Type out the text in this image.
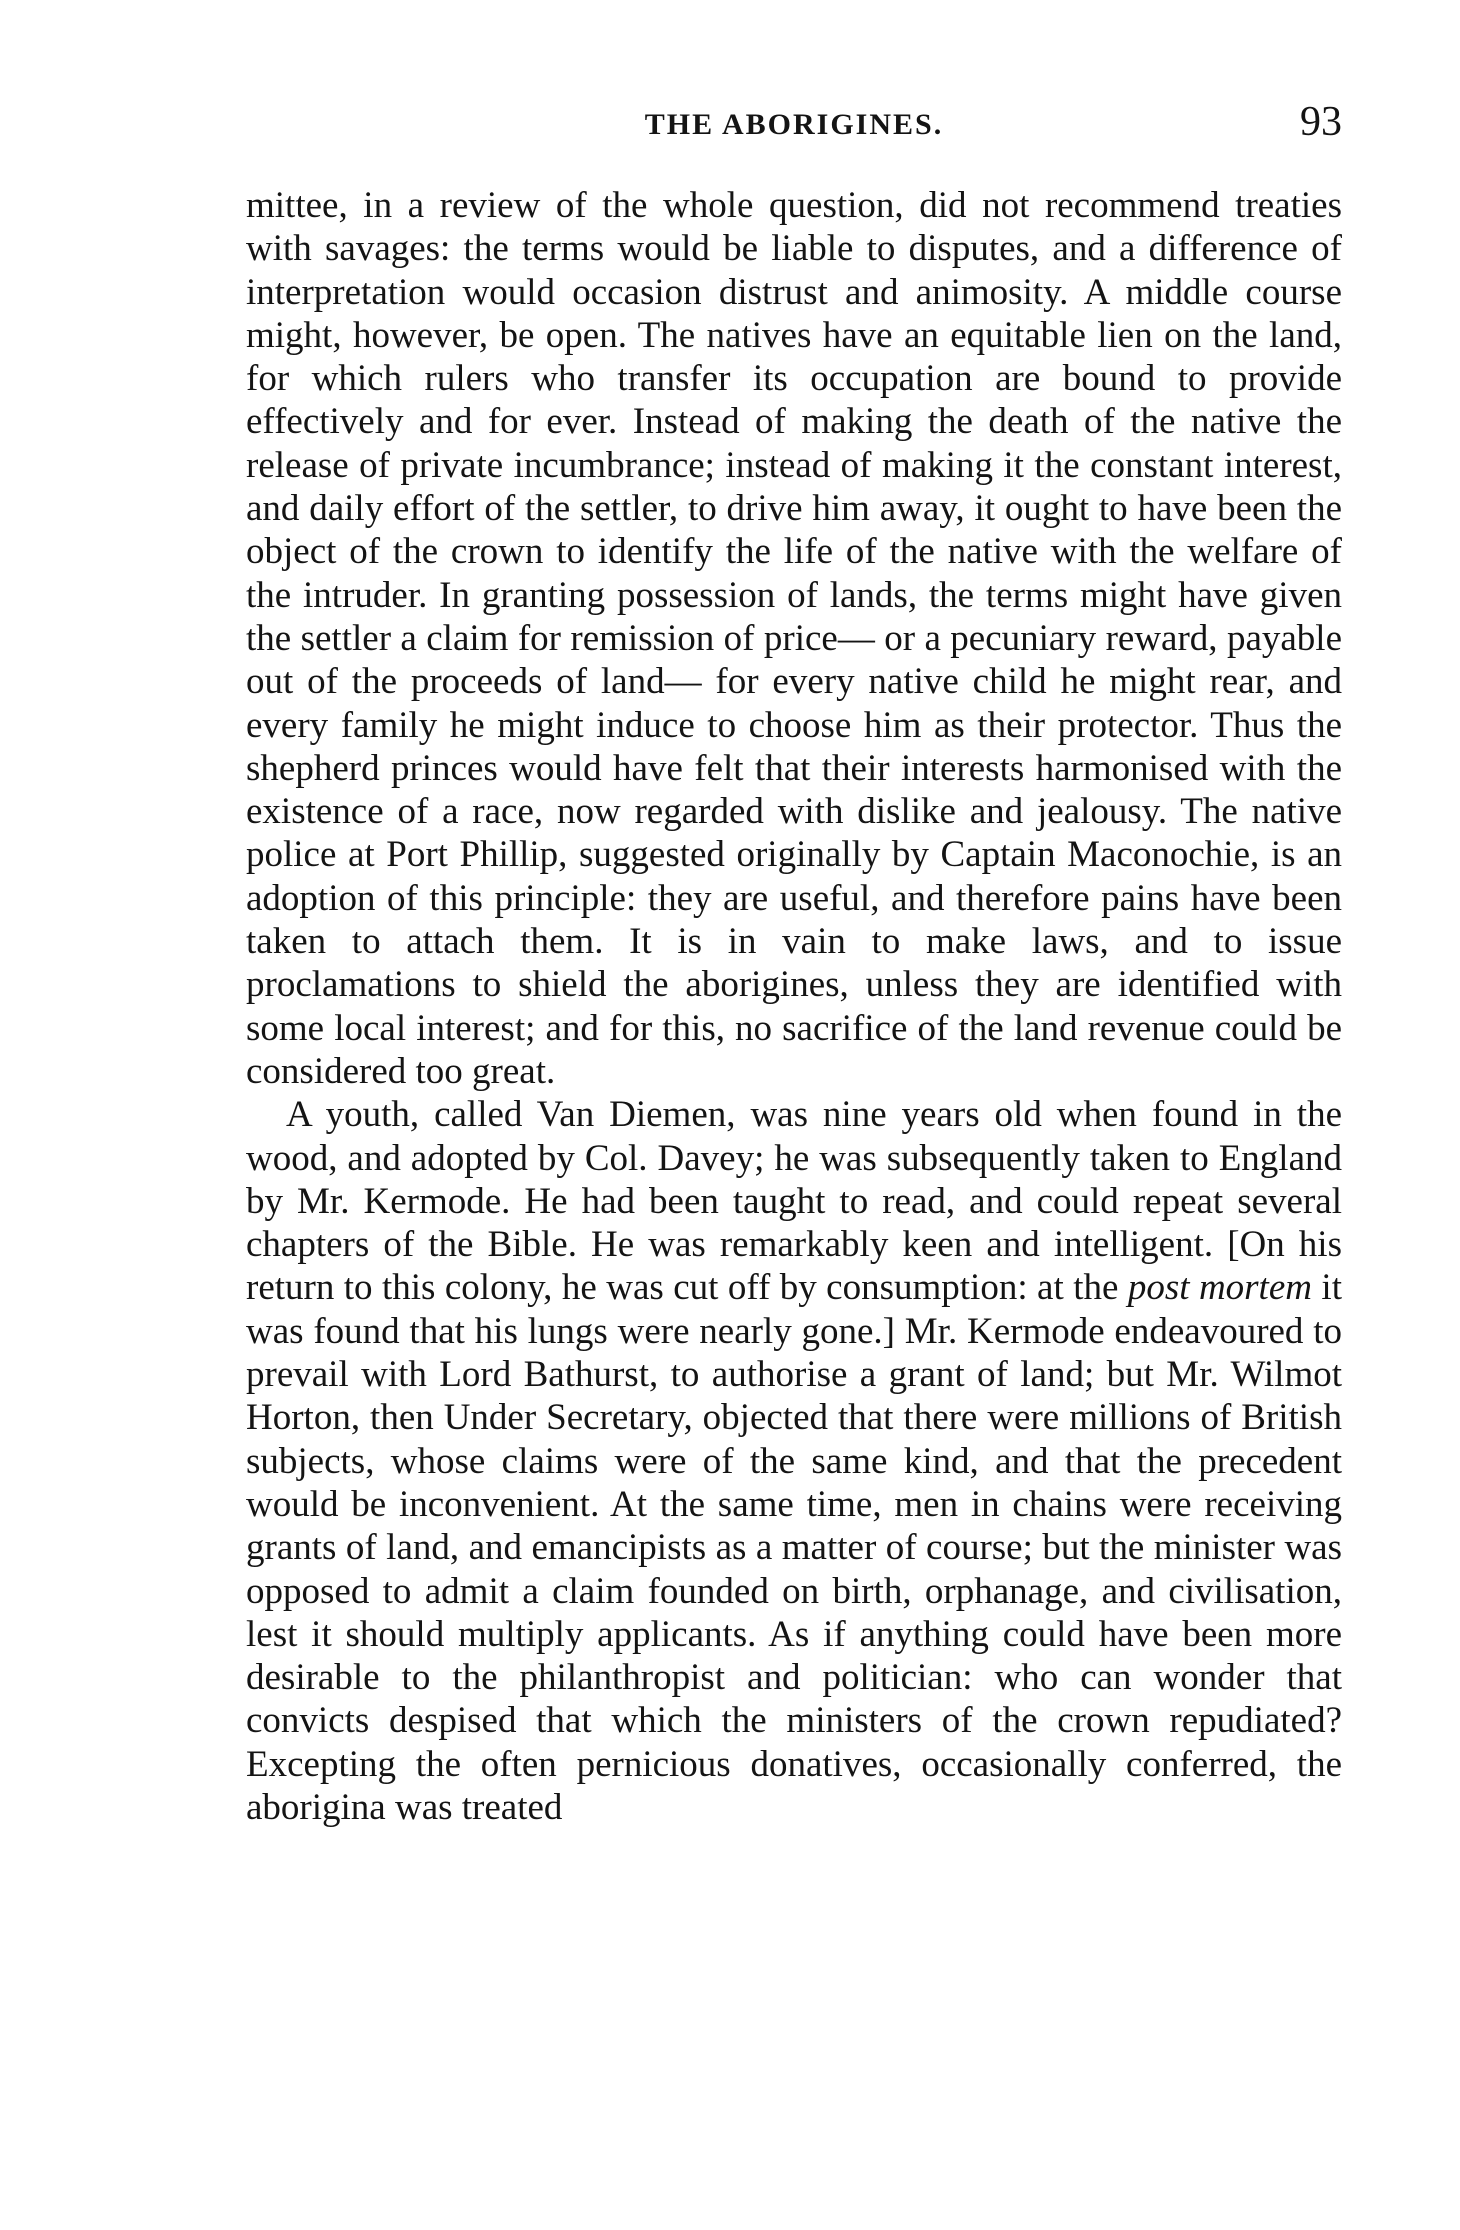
THE ABORIGINES.	93

mittee, in a review of the whole question, did not recommend treaties with savages: the terms would be liable to disputes, and a difference of interpretation would occasion distrust and animosity. A middle course might, however, be open. The natives have an equitable lien on the land, for which rulers who transfer its occupation are bound to provide effectively and for ever. Instead of making the death of the native the release of private incumbrance; instead of making it the constant interest, and daily effort of the settler, to drive him away, it ought to have been the object of the crown to identify the life of the native with the welfare of the intruder. In granting possession of lands, the terms might have given the settler a claim for remission of price— or a pecuniary reward, payable out of the proceeds of land— for every native child he might rear, and every family he might induce to choose him as their protector. Thus the shepherd princes would have felt that their interests harmonised with the existence of a race, now regarded with dislike and jealousy. The native police at Port Phillip, suggested originally by Captain Maconochie, is an adoption of this principle: they are useful, and therefore pains have been taken to attach them. It is in vain to make laws, and to issue proclamations to shield the aborigines, unless they are identified with some local interest; and for this, no sacrifice of the land revenue could be considered too great.

A youth, called Van Diemen, was nine years old when found in the wood, and adopted by Col. Davey; he was subsequently taken to England by Mr. Kermode. He had been taught to read, and could repeat several chapters of the Bible. He was remarkably keen and intelligent. [On his return to this colony, he was cut off by consumption: at the post mortem it was found that his lungs were nearly gone.] Mr. Kermode endeavoured to prevail with Lord Bathurst, to authorise a grant of land; but Mr. Wilmot Horton, then Under Secretary, objected that there were millions of British subjects, whose claims were of the same kind, and that the precedent would be inconvenient. At the same time, men in chains were receiving grants of land, and emancipists as a matter of course; but the minister was opposed to admit a claim founded on birth, orphanage, and civilisation, lest it should multiply applicants. As if anything could have been more desirable to the philanthropist and politician: who can wonder that convicts despised that which the ministers of the crown repudiated? Excepting the often pernicious donatives, occasionally conferred, the aborigina was treated
